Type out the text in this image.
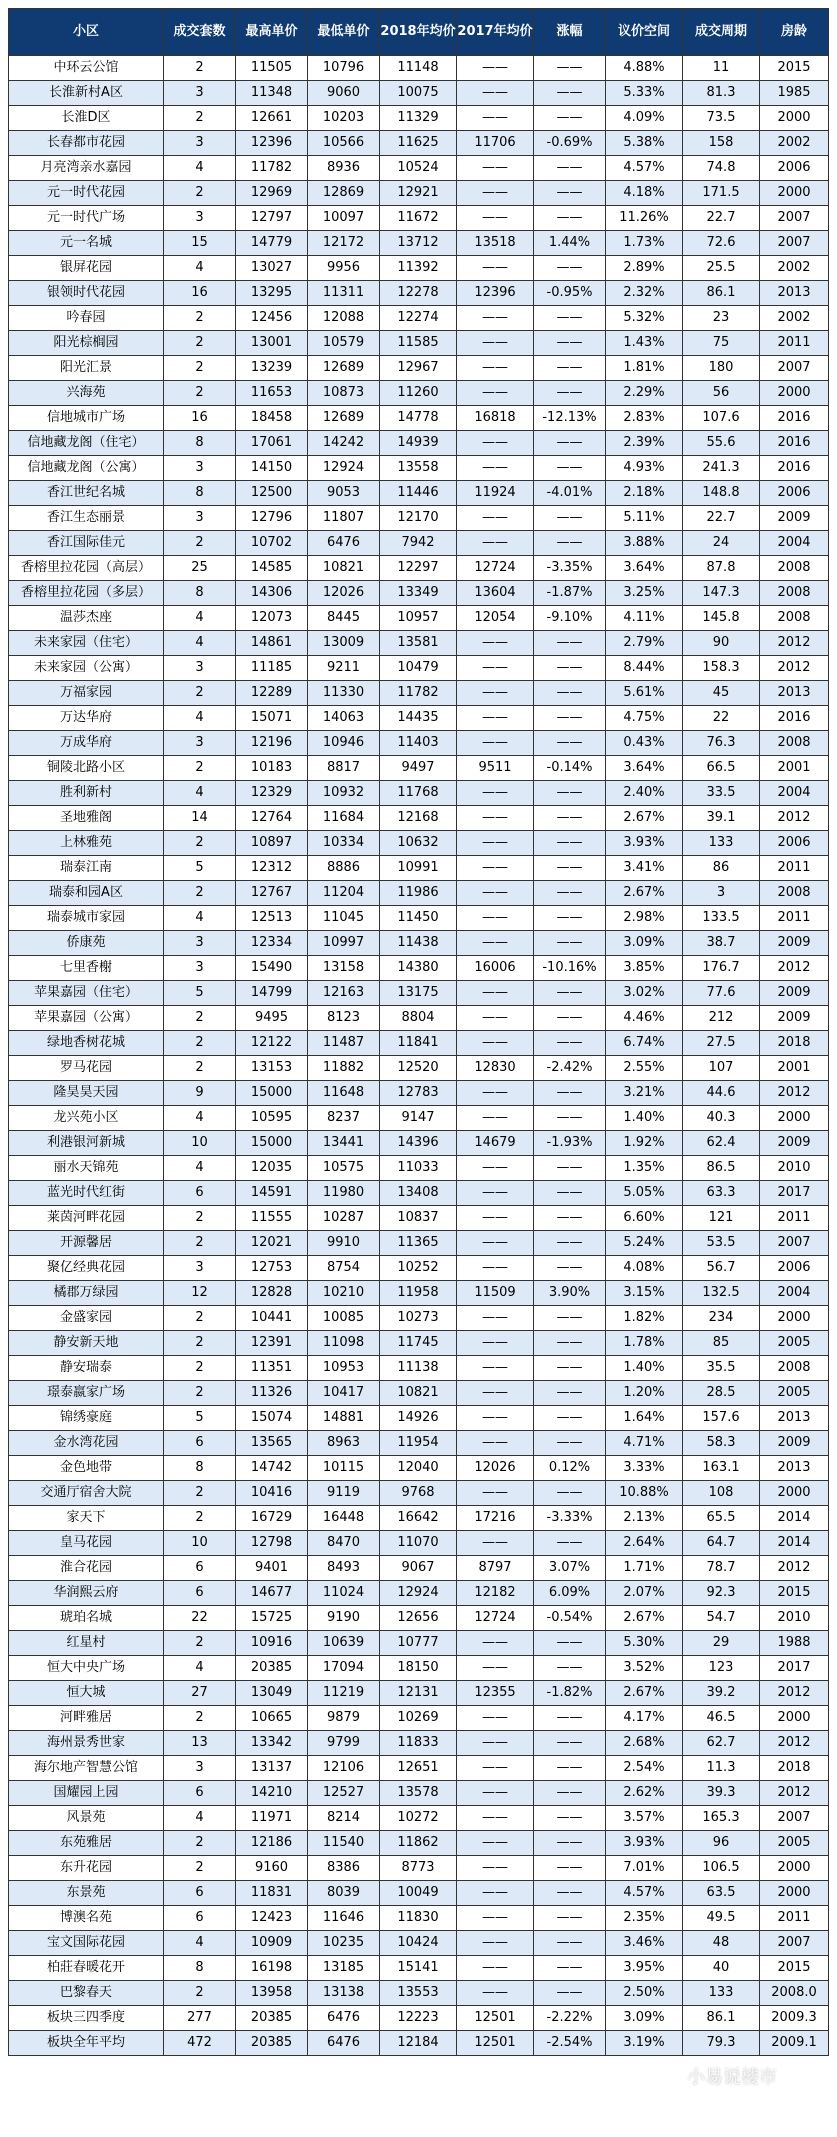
小区	成交套数	最高单价	最低单价	2018年均价	2017年均价	涨幅	议价空间	成交周期	房龄
中环云公馆	2	11505	10796	11148	——	——	4.88%	11	2015
长淮新村A区	3	11348	9060	10075	——	——	5.33%	81.3	1985
长淮D区	2	12661	10203	11329	——	——	4.09%	73.5	2000
长春都市花园	3	12396	10566	11625	11706	-0.69%	5.38%	158	2002
月亮湾亲水嘉园	4	11782	8936	10524	——	——	4.57%	74.8	2006
元一时代花园	2	12969	12869	12921	——	——	4.18%	171.5	2000
元一时代广场	3	12797	10097	11672	——	——	11.26%	22.7	2007
元一名城	15	14779	12172	13712	13518	1.44%	1.73%	72.6	2007
银屏花园	4	13027	9956	11392	——	——	2.89%	25.5	2002
银领时代花园	16	13295	11311	12278	12396	-0.95%	2.32%	86.1	2013
吟春园	2	12456	12088	12274	——	——	5.32%	23	2002
阳光棕榈园	2	13001	10579	11585	——	——	1.43%	75	2011
阳光汇景	2	13239	12689	12967	——	——	1.81%	180	2007
兴海苑	2	11653	10873	11260	——	——	2.29%	56	2000
信地城市广场	16	18458	12689	14778	16818	-12.13%	2.83%	107.6	2016
信地藏龙阁（住宅）	8	17061	14242	14939	——	——	2.39%	55.6	2016
信地藏龙阁（公寓）	3	14150	12924	13558	——	——	4.93%	241.3	2016
香江世纪名城	8	12500	9053	11446	11924	-4.01%	2.18%	148.8	2006
香江生态丽景	3	12796	11807	12170	——	——	5.11%	22.7	2009
香江国际佳元	2	10702	6476	7942	——	——	3.88%	24	2004
香榕里拉花园（高层）	25	14585	10821	12297	12724	-3.35%	3.64%	87.8	2008
香榕里拉花园（多层）	8	14306	12026	13349	13604	-1.87%	3.25%	147.3	2008
温莎杰座	4	12073	8445	10957	12054	-9.10%	4.11%	145.8	2008
未来家园（住宅）	4	14861	13009	13581	——	——	2.79%	90	2012
未来家园（公寓）	3	11185	9211	10479	——	——	8.44%	158.3	2012
万福家园	2	12289	11330	11782	——	——	5.61%	45	2013
万达华府	4	15071	14063	14435	——	——	4.75%	22	2016
万成华府	3	12196	10946	11403	——	——	0.43%	76.3	2008
铜陵北路小区	2	10183	8817	9497	9511	-0.14%	3.64%	66.5	2001
胜利新村	4	12329	10932	11768	——	——	2.40%	33.5	2004
圣地雅阁	14	12764	11684	12168	——	——	2.67%	39.1	2012
上林雅苑	2	10897	10334	10632	——	——	3.93%	133	2006
瑞泰江南	5	12312	8886	10991	——	——	3.41%	86	2011
瑞泰和园A区	2	12767	11204	11986	——	——	2.67%	3	2008
瑞泰城市家园	4	12513	11045	11450	——	——	2.98%	133.5	2011
侨康苑	3	12334	10997	11438	——	——	3.09%	38.7	2009
七里香榭	3	15490	13158	14380	16006	-10.16%	3.85%	176.7	2012
苹果嘉园（住宅）	5	14799	12163	13175	——	——	3.02%	77.6	2009
苹果嘉园（公寓）	2	9495	8123	8804	——	——	4.46%	212	2009
绿地香树花城	2	12122	11487	11841	——	——	6.74%	27.5	2018
罗马花园	2	13153	11882	12520	12830	-2.42%	2.55%	107	2001
隆昊昊天园	9	15000	11648	12783	——	——	3.21%	44.6	2012
龙兴苑小区	4	10595	8237	9147	——	——	1.40%	40.3	2000
利港银河新城	10	15000	13441	14396	14679	-1.93%	1.92%	62.4	2009
丽水天锦苑	4	12035	10575	11033	——	——	1.35%	86.5	2010
蓝光时代红街	6	14591	11980	13408	——	——	5.05%	63.3	2017
莱茵河畔花园	2	11555	10287	10837	——	——	6.60%	121	2011
开源馨居	2	12021	9910	11365	——	——	5.24%	53.5	2007
聚亿经典花园	3	12753	8754	10252	——	——	4.08%	56.7	2006
橘郡万绿园	12	12828	10210	11958	11509	3.90%	3.15%	132.5	2004
金盛家园	2	10441	10085	10273	——	——	1.82%	234	2000
静安新天地	2	12391	11098	11745	——	——	1.78%	85	2005
静安瑞泰	2	11351	10953	11138	——	——	1.40%	35.5	2008
璟泰嬴家广场	2	11326	10417	10821	——	——	1.20%	28.5	2005
锦绣豪庭	5	15074	14881	14926	——	——	1.64%	157.6	2013
金水湾花园	6	13565	8963	11954	——	——	4.71%	58.3	2009
金色地带	8	14742	10115	12040	12026	0.12%	3.33%	163.1	2013
交通厅宿舍大院	2	10416	9119	9768	——	——	10.88%	108	2000
家天下	2	16729	16448	16642	17216	-3.33%	2.13%	65.5	2014
皇马花园	10	12798	8470	11070	——	——	2.64%	64.7	2014
淮合花园	6	9401	8493	9067	8797	3.07%	1.71%	78.7	2012
华润熙云府	6	14677	11024	12924	12182	6.09%	2.07%	92.3	2015
琥珀名城	22	15725	9190	12656	12724	-0.54%	2.67%	54.7	2010
红星村	2	10916	10639	10777	——	——	5.30%	29	1988
恒大中央广场	4	20385	17094	18150	——	——	3.52%	123	2017
恒大城	27	13049	11219	12131	12355	-1.82%	2.67%	39.2	2012
河畔雅居	2	10665	9879	10269	——	——	4.17%	46.5	2000
海州景秀世家	13	13342	9799	11833	——	——	2.68%	62.7	2012
海尔地产智慧公馆	3	13137	12106	12651	——	——	2.54%	11.3	2018
国耀园上园	6	14210	12527	13578	——	——	2.62%	39.3	2012
风景苑	4	11971	8214	10272	——	——	3.57%	165.3	2007
东苑雅居	2	12186	11540	11862	——	——	3.93%	96	2005
东升花园	2	9160	8386	8773	——	——	7.01%	106.5	2000
东景苑	6	11831	8039	10049	——	——	4.57%	63.5	2000
博澳名苑	6	12423	11646	11830	——	——	2.35%	49.5	2011
宝文国际花园	4	10909	10235	10424	——	——	3.46%	48	2007
柏莊春暖花开	8	16198	13185	15141	——	——	3.95%	40	2015
巴黎春天	2	13958	13138	13553	——	——	2.50%	133	2008.0
板块三四季度	277	20385	6476	12223	12501	-2.22%	3.09%	86.1	2009.3
板块全年平均	472	20385	6476	12184	12501	-2.54%	3.19%	79.3	2009.1
小易说楼市
